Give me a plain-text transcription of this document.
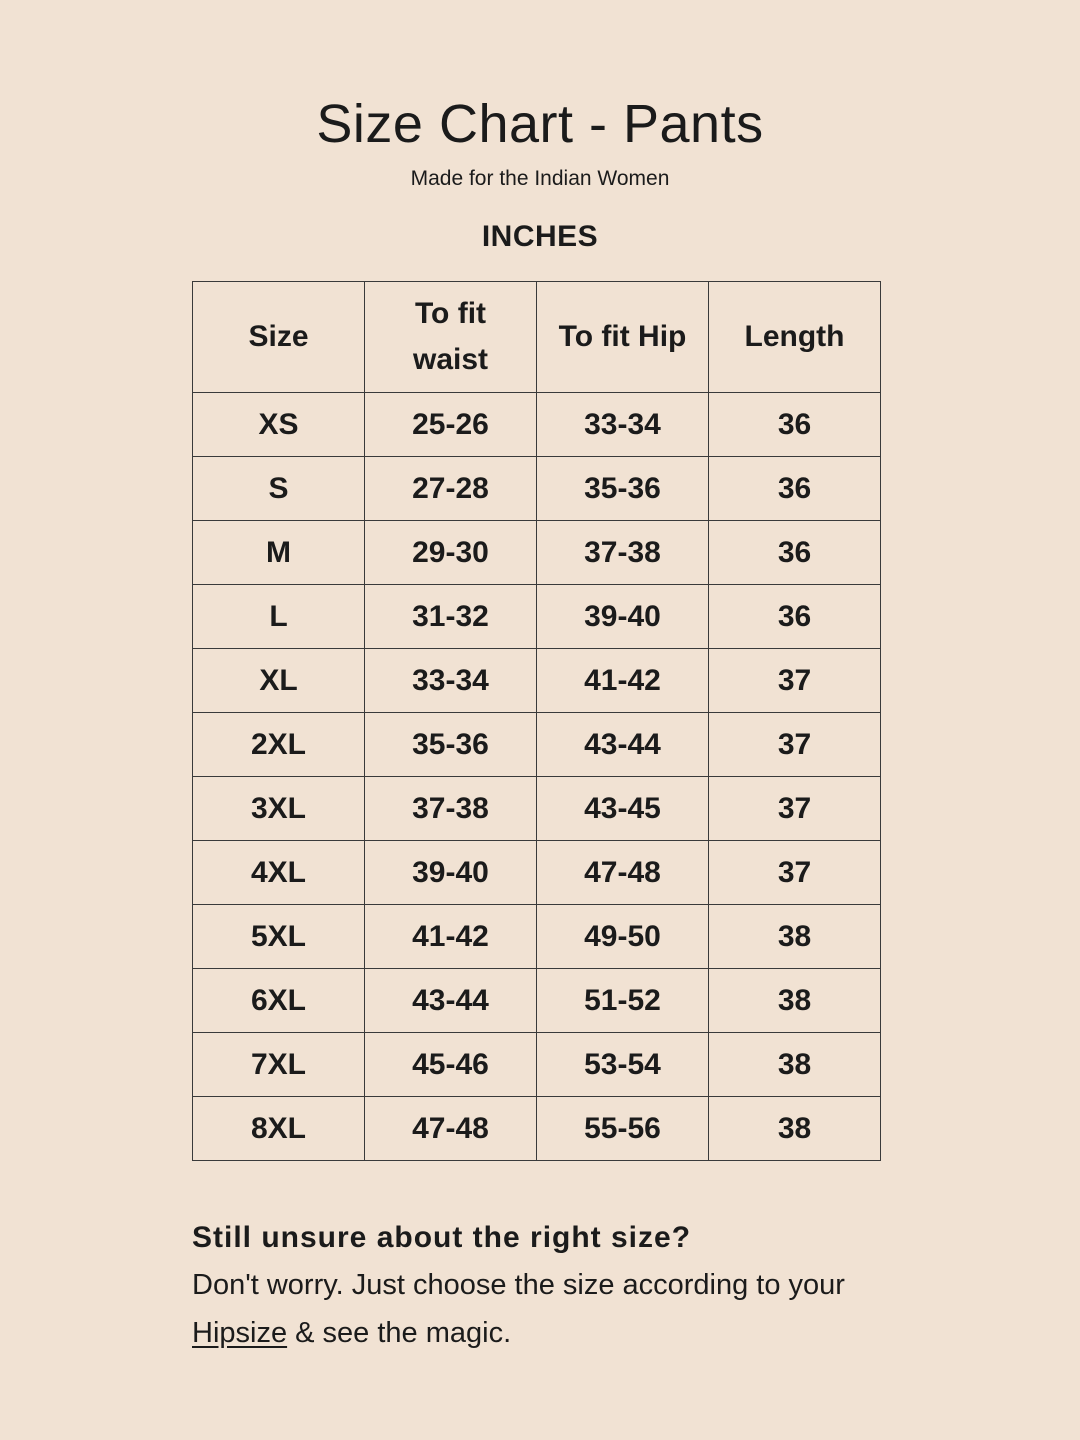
Size Chart - Pants
Made for the Indian Women
INCHES
Size	To fit waist	To fit Hip	Length
XS	25-26	33-34	36
S	27-28	35-36	36
M	29-30	37-38	36
L	31-32	39-40	36
XL	33-34	41-42	37
2XL	35-36	43-44	37
3XL	37-38	43-45	37
4XL	39-40	47-48	37
5XL	41-42	49-50	38
6XL	43-44	51-52	38
7XL	45-46	53-54	38
8XL	47-48	55-56	38
Still unsure about the right size?
Don't worry. Just choose the size according to your
Hipsize & see the magic.
